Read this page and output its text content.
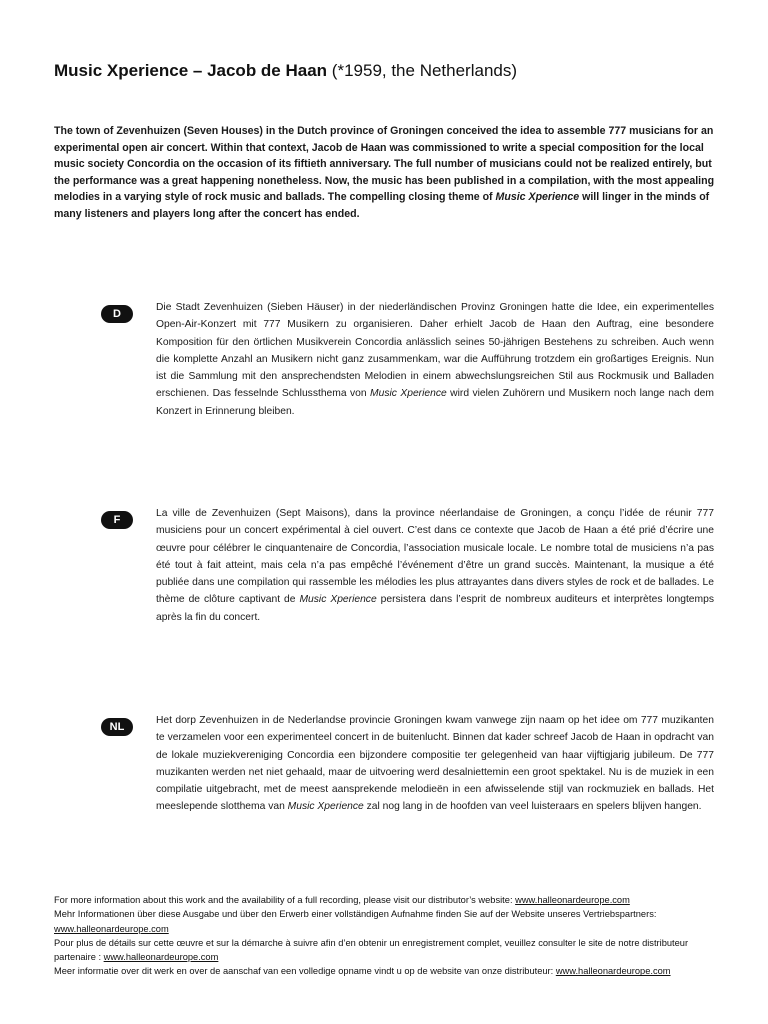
Music Xperience – Jacob de Haan (*1959, the Netherlands)

The town of Zevenhuizen (Seven Houses) in the Dutch province of Groningen conceived the idea to assemble 777 musicians for an experimental open air concert. Within that context, Jacob de Haan was commissioned to write a special composition for the local music society Concordia on the occasion of its fiftieth anniversary. The full number of musicians could not be realized entirely, but the performance was a great happening nonetheless. Now, the music has been published in a compilation, with the most appealing melodies in a varying style of rock music and ballads. The compelling closing theme of Music Xperience will linger in the minds of many listeners and players long after the concert has ended.

D

Die Stadt Zevenhuizen (Sieben Häuser) in der niederländischen Provinz Groningen hatte die Idee, ein experimentelles Open-Air-Konzert mit 777 Musikern zu organisieren. Daher erhielt Jacob de Haan den Auftrag, eine besondere Komposition für den örtlichen Musikverein Concordia anlässlich seines 50-jährigen Bestehens zu schreiben. Auch wenn die komplette Anzahl an Musikern nicht ganz zusammenkam, war die Aufführung trotzdem ein großartiges Ereignis. Nun ist die Sammlung mit den ansprechendsten Melodien in einem abwechslungsreichen Stil aus Rockmusik und Balladen erschienen. Das fesselnde Schlussthema von Music Xperience wird vielen Zuhörern und Musikern noch lange nach dem Konzert in Erinnerung bleiben.

F

La ville de Zevenhuizen (Sept Maisons), dans la province néerlandaise de Groningen, a conçu l’idée de réunir 777 musiciens pour un concert expérimental à ciel ouvert. C’est dans ce contexte que Jacob de Haan a été prié d’écrire une œuvre pour célébrer le cinquantenaire de Concordia, l’association musicale locale. Le nombre total de musiciens n’a pas été tout à fait atteint, mais cela n’a pas empêché l’événement d’être un grand succès. Maintenant, la musique a été publiée dans une compilation qui rassemble les mélodies les plus attrayantes dans divers styles de rock et de ballades. Le thème de clôture captivant de Music Xperience persistera dans l’esprit de nombreux auditeurs et interprètes longtemps après la fin du concert.

NL

Het dorp Zevenhuizen in de Nederlandse provincie Groningen kwam vanwege zijn naam op het idee om 777 muzikanten te verzamelen voor een experimenteel concert in de buitenlucht. Binnen dat kader schreef Jacob de Haan in opdracht van de lokale muziekvereniging Concordia een bijzondere compositie ter gelegenheid van haar vijftigjarig jubileum. De 777 muzikanten werden net niet gehaald, maar de uitvoering werd desalniettemin een groot spektakel. Nu is de muziek in een compilatie uitgebracht, met de meest aansprekende melodieën in een afwisselende stijl van rockmuziek en ballads. Het meeslepende slotthema van Music Xperience zal nog lang in de hoofden van veel luisteraars en spelers blijven hangen.

For more information about this work and the availability of a full recording, please visit our distributor’s website: www.halleonardeurope.com

Mehr Informationen über diese Ausgabe und über den Erwerb einer vollständigen Aufnahme finden Sie auf der Website unseres Vertriebspartners: www.halleonardeurope.com

Pour plus de détails sur cette œuvre et sur la démarche à suivre afin d’en obtenir un enregistrement complet, veuillez consulter le site de notre distributeur partenaire : www.halleonardeurope.com

Meer informatie over dit werk en over de aanschaf van een volledige opname vindt u op de website van onze distributeur: www.halleonardeurope.com
